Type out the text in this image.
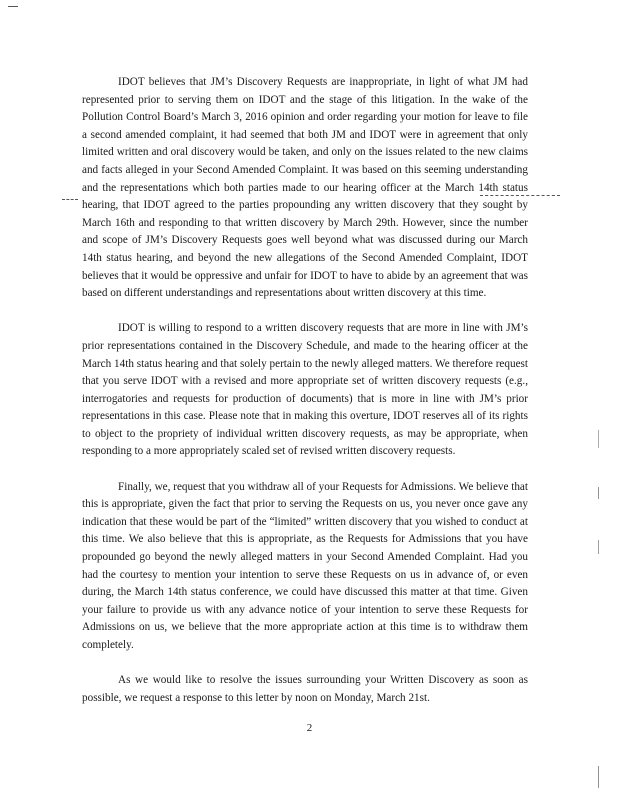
IDOT believes that JM’s Discovery Requests are inappropriate, in light of what JM had represented prior to serving them on IDOT and the stage of this litigation. In the wake of the Pollution Control Board’s March 3, 2016 opinion and order regarding your motion for leave to file a second amended complaint, it had seemed that both JM and IDOT were in agreement that only limited written and oral discovery would be taken, and only on the issues related to the new claims and facts alleged in your Second Amended Complaint. It was based on this seeming understanding and the representations which both parties made to our hearing officer at the March 14th status hearing, that IDOT agreed to the parties propounding any written discovery that they sought by March 16th and responding to that written discovery by March 29th. However, since the number and scope of JM’s Discovery Requests goes well beyond what was discussed during our March 14th status hearing, and beyond the new allegations of the Second Amended Complaint, IDOT believes that it would be oppressive and unfair for IDOT to have to abide by an agreement that was based on different understandings and representations about written discovery at this time.

IDOT is willing to respond to a written discovery requests that are more in line with JM’s prior representations contained in the Discovery Schedule, and made to the hearing officer at the March 14th status hearing and that solely pertain to the newly alleged matters. We therefore request that you serve IDOT with a revised and more appropriate set of written discovery requests (e.g., interrogatories and requests for production of documents) that is more in line with JM’s prior representations in this case. Please note that in making this overture, IDOT reserves all of its rights to object to the propriety of individual written discovery requests, as may be appropriate, when responding to a more appropriately scaled set of revised written discovery requests.

Finally, we, request that you withdraw all of your Requests for Admissions. We believe that this is appropriate, given the fact that prior to serving the Requests on us, you never once gave any indication that these would be part of the “limited” written discovery that you wished to conduct at this time. We also believe that this is appropriate, as the Requests for Admissions that you have propounded go beyond the newly alleged matters in your Second Amended Complaint. Had you had the courtesy to mention your intention to serve these Requests on us in advance of, or even during, the March 14th status conference, we could have discussed this matter at that time. Given your failure to provide us with any advance notice of your intention to serve these Requests for Admissions on us, we believe that the more appropriate action at this time is to withdraw them completely.

As we would like to resolve the issues surrounding your Written Discovery as soon as possible, we request a response to this letter by noon on Monday, March 21st.

2
